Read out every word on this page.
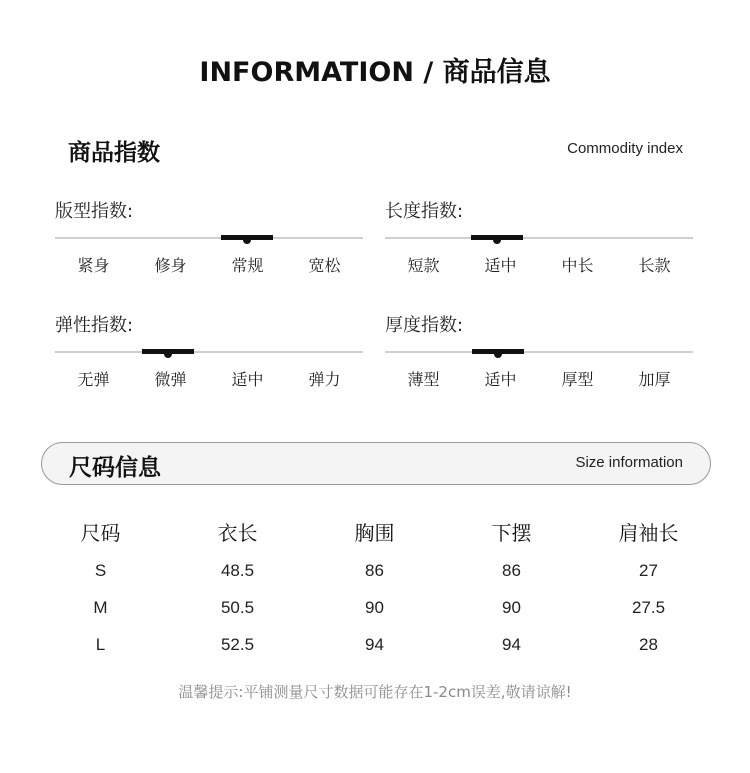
INFORMATION / 商品信息
商品指数	Commodity index
版型指数:
紧身	修身	常规	宽松
长度指数:
短款	适中	中长	长款
弹性指数:
无弹	微弹	适中	弹力
厚度指数:
薄型	适中	厚型	加厚
尺码信息	Size information
尺码	衣长	胸围	下摆	肩袖长
S	48.5	86	86	27
M	50.5	90	90	27.5
L	52.5	94	94	28
温馨提示:平铺测量尺寸数据可能存在1-2cm误差,敬请谅解!
